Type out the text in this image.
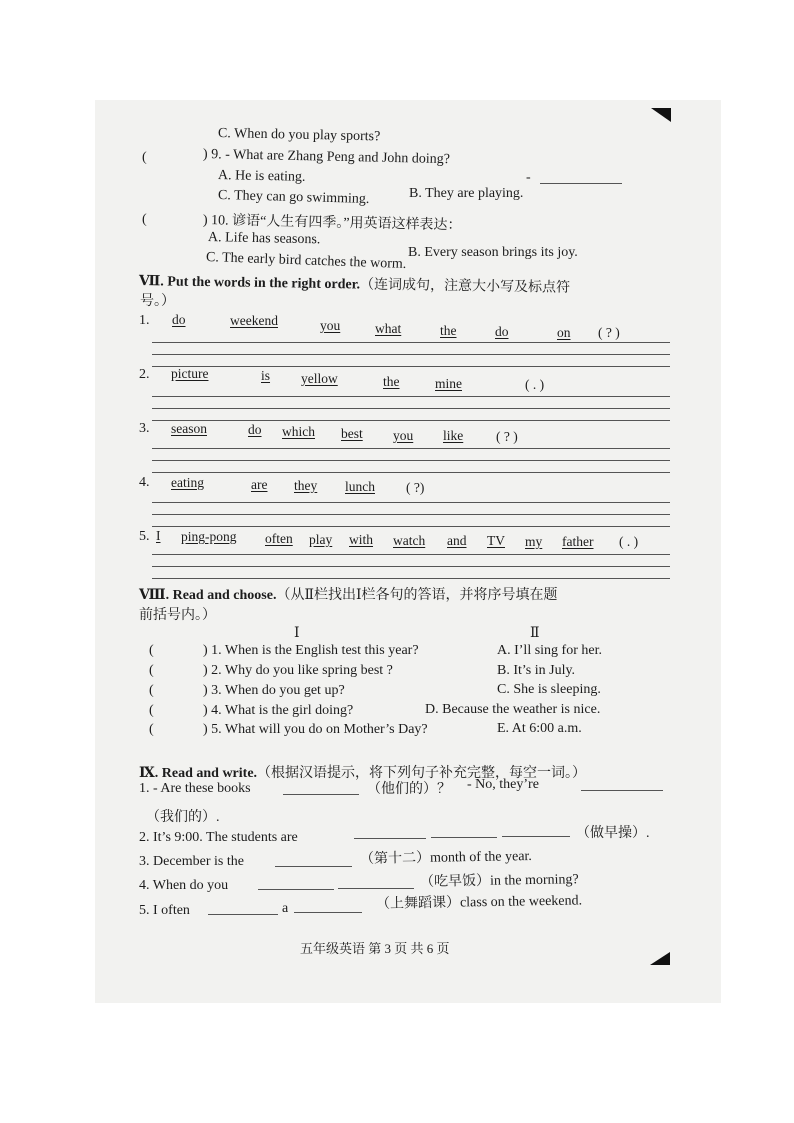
C. When do you play sports?
(	) 9. - What are Zhang Peng and John doing?
-
A. He is eating.
B. They are playing.
C. They can go swimming.
(	) 10. 谚语“人生有四季。”用英语这样表达：
A. Life has seasons.
B. Every season brings its joy.
C. The early bird catches the worm.
Ⅶ. Put the words in the right order.（连词成句，注意大小写及标点符
号。）
1. do	weekend	you	what	the	do	on ( ? )
2. picture	is yellow	the	mine	( . )
3. season	do which best you like ( ? )
4. eating	are they lunch ( ?)
5. I ping-pong often play with watch and TV my father ( . )
Ⅷ. Read and choose.（从Ⅱ栏找出Ⅰ栏各句的答语，并将序号填在题
前括号内。）
Ⅰ	Ⅱ
(	) 1. When is the English test this year?	A. I’ll sing for her.
(	) 2. Why do you like spring best ?	B. It’s in July.
(	) 3. When do you get up?	C. She is sleeping.
(	) 4. What is the girl doing?	D. Because the weather is nice.
(	) 5. What will you do on Mother’s Day?	E. At 6:00 a.m.
Ⅸ. Read and write.（根据汉语提示，将下列句子补充完整，每空一词。）
1. - Are these books	（他们的）？ - No, they’re
（我们的）.
2. It’s 9:00. The students are	（做早操）.
3. December is the	（第十二）month of the year.
4. When do you	（吃早饭）in the morning?
5. I often	a	（上舞蹈课）class on the weekend.
五年级英语 第 3 页 共 6 页
